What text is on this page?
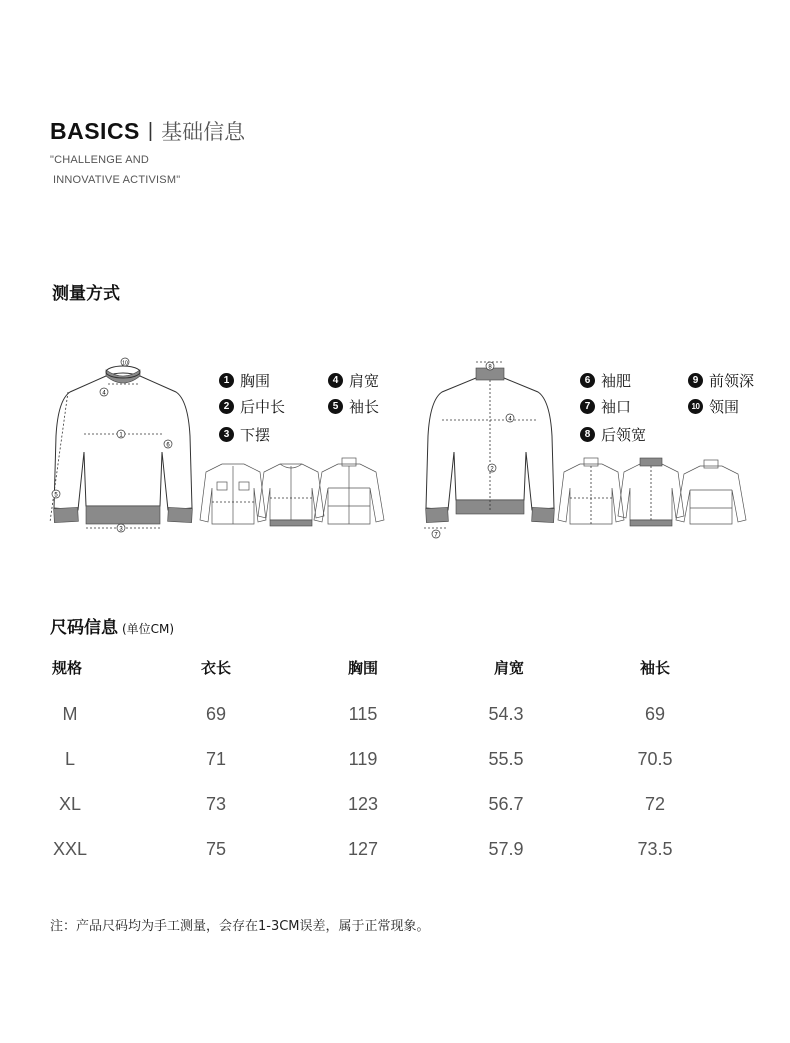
BASICS | 基础信息
"CHALLENGE AND
INNOVATIVE ACTIVISM"
测量方式
1
3
4
5
6
10
1 胸围
2 后中长
3 下摆
4 肩宽
5 袖长
8
4
2
7
6 袖肥
7 袖口
8 后领宽
9 前领深
10 领围
尺码信息 (单位CM)
规格	衣长	胸围	肩宽	袖长
M	69	115	54.3	69
L	71	119	55.5	70.5
XL	73	123	56.7	72
XXL	75	127	57.9	73.5
注：产品尺码均为手工测量，会存在1-3CM误差，属于正常现象。
